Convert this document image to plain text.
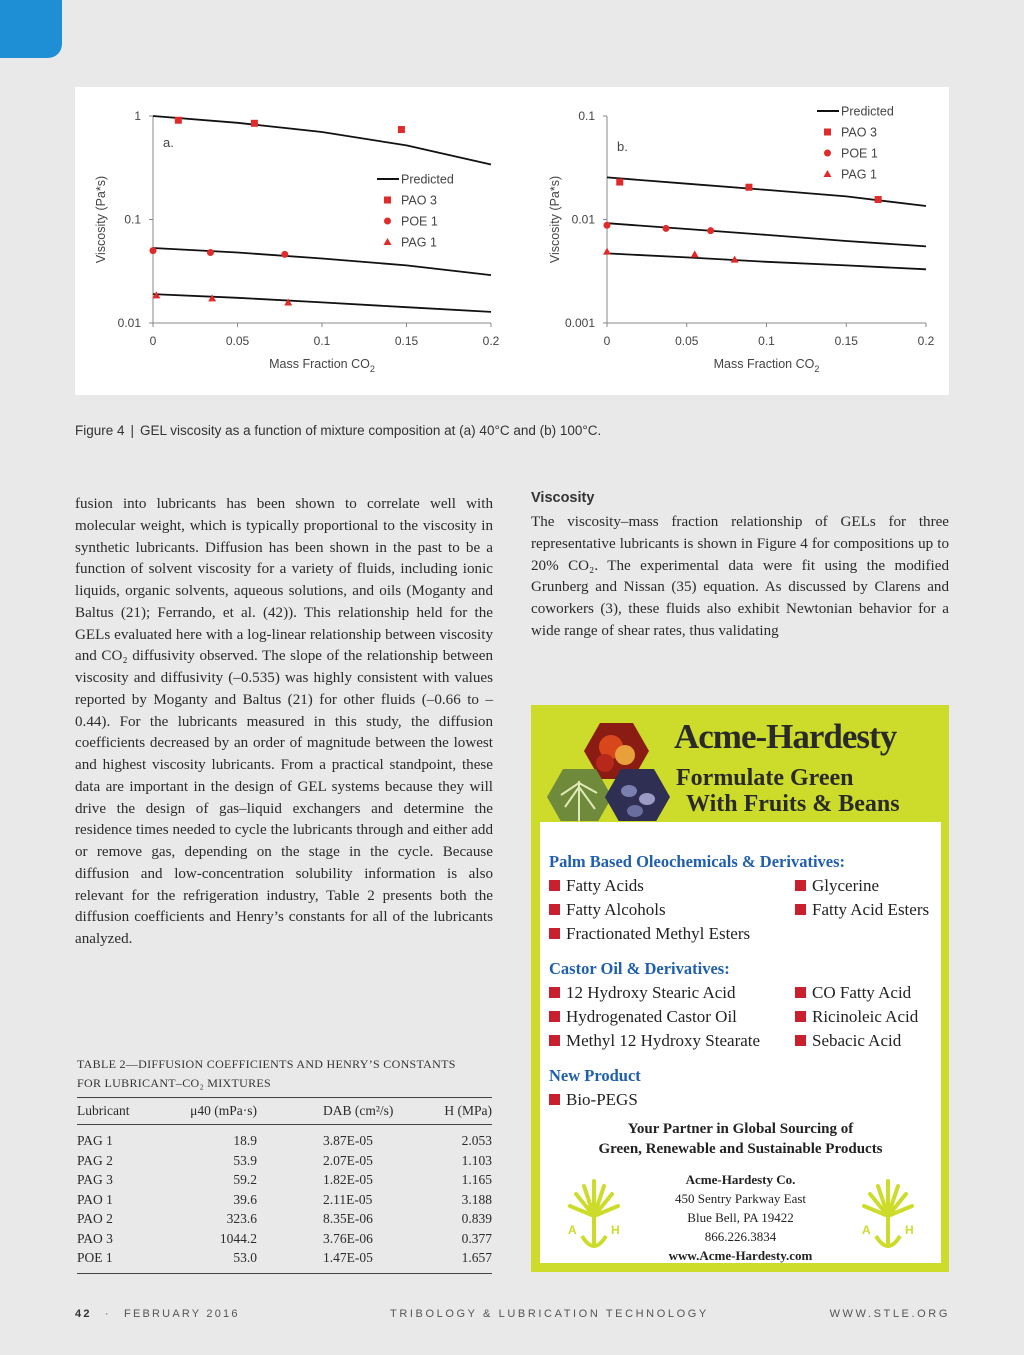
1
0.1
0.01
0	0.05	0.1	0.15	0.2
Mass Fraction $CO_2$
Viscosity (Pa*s)
a.
Predicted
PAO 3
POE 1
PAG 1
0.1
0.01
0.001
0	0.05	0.1	0.15	0.2
Mass Fraction $CO_2$
Viscosity (Pa*s)
b.
Predicted
PAO 3
POE 1
PAG 1
Figure 4 | GEL viscosity as a function of mixture composition at (a) 40°C and (b) 100°C.
fusion into lubricants has been shown to correlate well with molecular weight, which is typically proportional to the viscosity in synthetic lubricants. Diffusion has been shown in the past to be a function of solvent viscosity for a variety of fluids, including ionic liquids, organic solvents, aqueous solutions, and oils (Moganty and Baltus (21); Ferrando, et al. (42)). This relationship held for the GELs evaluated here with a log-linear relationship between viscosity and CO₂ diffusivity observed. The slope of the relationship between viscosity and diffusivity (–0.535) was highly consistent with values reported by Moganty and Baltus (21) for other fluids (–0.66 to –0.44). For the lubricants measured in this study, the diffusion coefficients decreased by an order of magnitude between the lowest and highest viscosity lubricants. From a practical standpoint, these data are important in the design of GEL systems because they will drive the design of gas–liquid exchangers and determine the residence times needed to cycle the lubricants through and either add or remove gas, depending on the stage in the cycle. Because diffusion and low-concentration solubility information is also relevant for the refrigeration industry, Table 2 presents both the diffusion coefficients and Henry’s constants for all of the lubricants analyzed.
Viscosity

The viscosity–mass fraction relationship of GELs for three representative lubricants is shown in Figure 4 for compositions up to 20% CO₂. The experimental data were fit using the modified Grunberg and Nissan (35) equation. As discussed by Clarens and coworkers (3), these fluids also exhibit Newtonian behavior for a wide range of shear rates, thus validating

TABLE 2—DIFFUSION COEFFICIENTS AND HENRY’S CONSTANTS
FOR LUBRICANT–CO₂ MIXTURES
Lubricant	μ40 (mPa·s)	DAB (cm²/s)	H (MPa)
PAG 1	18.9	3.87E-05	2.053
PAG 2	53.9	2.07E-05	1.103
PAG 3	59.2	1.82E-05	1.165
PAO 1	39.6	2.11E-05	3.188
PAO 2	323.6	8.35E-06	0.839
PAO 3	1044.2	3.76E-06	0.377
POE 1	53.0	1.47E-05	1.657
Acme-Hardesty
Formulate Green
With Fruits & Beans
Palm Based Oleochemicals & Derivatives:
Fatty Acids	Glycerine
Fatty Alcohols	Fatty Acid Esters
Fractionated Methyl Esters
Castor Oil & Derivatives:
12 Hydroxy Stearic Acid	CO Fatty Acid
Hydrogenated Castor Oil	Ricinoleic Acid
Methyl 12 Hydroxy Stearate	Sebacic Acid
New Product
Bio-PEGS
Your Partner in Global Sourcing of
Green, Renewable and Sustainable Products
Acme-Hardesty Co.
450 Sentry Parkway East
Blue Bell, PA 19422
866.226.3834
www.Acme-Hardesty.com
A	H	A	H
42 · FEBRUARY 2016	TRIBOLOGY & LUBRICATION TECHNOLOGY	WWW.STLE.ORG
